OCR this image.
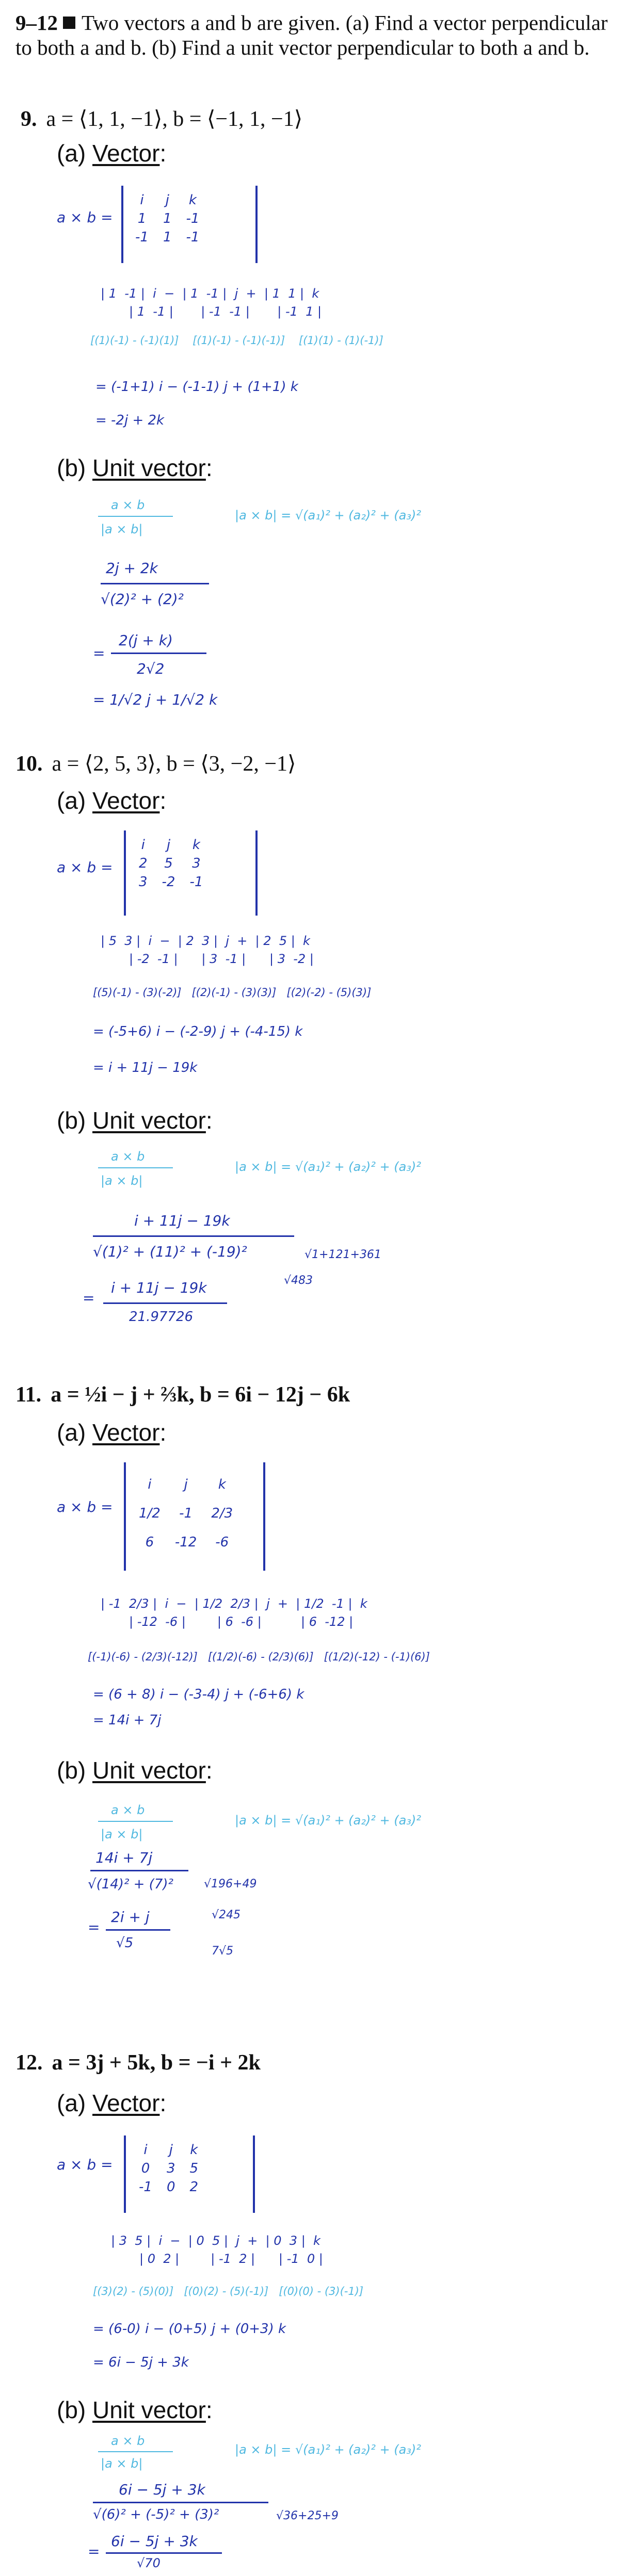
9–12 Two vectors a and b are given. (a) Find a vector perpendicular to both a and b. (b) Find a unit vector perpendicular to both a and b.
9. a = ⟨1, 1, −1⟩, b = ⟨−1, 1, −1⟩
(a) Vector:
a × b =
i	j	k
1	1	-1
-1	1	-1
| 1  -1 |  i  −  | 1  -1 |  j  +  | 1  1 |  k
| 1  -1 |       | -1  -1 |       | -1  1 |
[(1)(-1) - (-1)(1)]    [(1)(-1) - (-1)(-1)]    [(1)(1) - (1)(-1)]
= (-1+1) i − (-1-1) j + (1+1) k
= -2j + 2k
(b) Unit vector:
a × b
|a × b|
|a × b| = √(a₁)² + (a₂)² + (a₃)²
2j + 2k
√(2)² + (2)²
2(j + k)
=
2√2
= 1/√2 j + 1/√2 k
10. a = ⟨2, 5, 3⟩, b = ⟨3, −2, −1⟩
(a) Vector:
a × b =
i	j	k
2	5	3
3	-2	-1
| 5  3 |  i  −  | 2  3 |  j  +  | 2  5 |  k
| -2  -1 |      | 3  -1 |      | 3  -2 |
[(5)(-1) - (3)(-2)]   [(2)(-1) - (3)(3)]   [(2)(-2) - (5)(3)]
= (-5+6) i − (-2-9) j + (-4-15) k
= i + 11j − 19k
(b) Unit vector:
a × b
|a × b|
|a × b| = √(a₁)² + (a₂)² + (a₃)²
i + 11j − 19k
√(1)² + (11)² + (-19)²	√1+121+361
√483
=
i + 11j − 19k
21.97726
11. a = ½i − j + ⅔k, b = 6i − 12j − 6k
(a) Vector:
a × b =
i	j	k
1/2	-1	2/3
6	-12	-6
| -1  2/3 |  i  −  | 1/2  2/3 |  j  +  | 1/2  -1 |  k
| -12  -6 |        | 6  -6 |          | 6  -12 |
[(-1)(-6) - (2/3)(-12)]   [(1/2)(-6) - (2/3)(6)]   [(1/2)(-12) - (-1)(6)]
= (6 + 8) i − (-3-4) j + (-6+6) k
= 14i + 7j
(b) Unit vector:
a × b
|a × b|
|a × b| = √(a₁)² + (a₂)² + (a₃)²
14i + 7j
√(14)² + (7)²	√196+49
√245
7√5
=
2i + j
√5
12. a = 3j + 5k, b = −i + 2k
(a) Vector:
a × b =
i	j	k
0	3	5
-1	0	2
| 3  5 |  i  −  | 0  5 |  j  +  | 0  3 |  k
| 0  2 |        | -1  2 |      | -1  0 |
[(3)(2) - (5)(0)]   [(0)(2) - (5)(-1)]   [(0)(0) - (3)(-1)]
= (6-0) i − (0+5) j + (0+3) k
= 6i − 5j + 3k
(b) Unit vector:
a × b
|a × b|
|a × b| = √(a₁)² + (a₂)² + (a₃)²
6i − 5j + 3k
√(6)² + (-5)² + (3)²	√36+25+9
=
6i − 5j + 3k
√70
